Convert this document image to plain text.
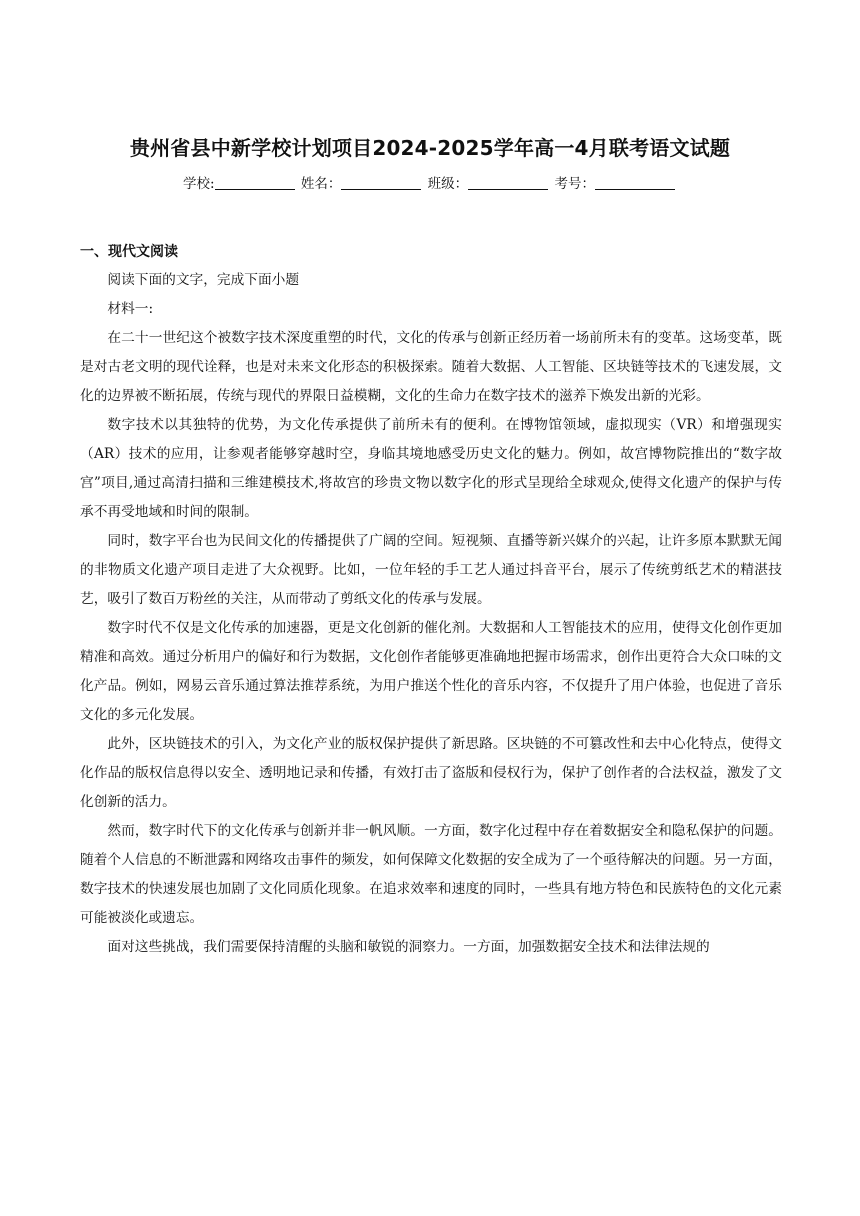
贵州省县中新学校计划项目2024-2025学年高一4月联考语文试题
学校:	姓名：	班级：	考号：
一、现代文阅读

阅读下面的文字，完成下面小题

材料一:

在二十一世纪这个被数字技术深度重塑的时代，文化的传承与创新正经历着一场前所未有的变革。这场变革，既是对古老文明的现代诠释，也是对未来文化形态的积极探索。随着大数据、人工智能、区块链等技术的飞速发展，文化的边界被不断拓展，传统与现代的界限日益模糊，文化的生命力在数字技术的滋养下焕发出新的光彩。

数字技术以其独特的优势，为文化传承提供了前所未有的便利。在博物馆领域，虚拟现实（VR）和增强现实（AR）技术的应用，让参观者能够穿越时空，身临其境地感受历史文化的魅力。例如，故宫博物院推出的“数字故宫”项目,通过高清扫描和三维建模技术,将故宫的珍贵文物以数字化的形式呈现给全球观众,使得文化遗产的保护与传承不再受地域和时间的限制。

同时，数字平台也为民间文化的传播提供了广阔的空间。短视频、直播等新兴媒介的兴起，让许多原本默默无闻的非物质文化遗产项目走进了大众视野。比如，一位年轻的手工艺人通过抖音平台，展示了传统剪纸艺术的精湛技艺，吸引了数百万粉丝的关注，从而带动了剪纸文化的传承与发展。

数字时代不仅是文化传承的加速器，更是文化创新的催化剂。大数据和人工智能技术的应用，使得文化创作更加精准和高效。通过分析用户的偏好和行为数据，文化创作者能够更准确地把握市场需求，创作出更符合大众口味的文化产品。例如，网易云音乐通过算法推荐系统，为用户推送个性化的音乐内容，不仅提升了用户体验，也促进了音乐文化的多元化发展。

此外，区块链技术的引入，为文化产业的版权保护提供了新思路。区块链的不可篡改性和去中心化特点，使得文化作品的版权信息得以安全、透明地记录和传播，有效打击了盗版和侵权行为，保护了创作者的合法权益，激发了文化创新的活力。

然而，数字时代下的文化传承与创新并非一帆风顺。一方面，数字化过程中存在着数据安全和隐私保护的问题。随着个人信息的不断泄露和网络攻击事件的频发，如何保障文化数据的安全成为了一个亟待解决的问题。另一方面，数字技术的快速发展也加剧了文化同质化现象。在追求效率和速度的同时，一些具有地方特色和民族特色的文化元素可能被淡化或遗忘。

面对这些挑战，我们需要保持清醒的头脑和敏锐的洞察力。一方面，加强数据安全技术和法律法规的
